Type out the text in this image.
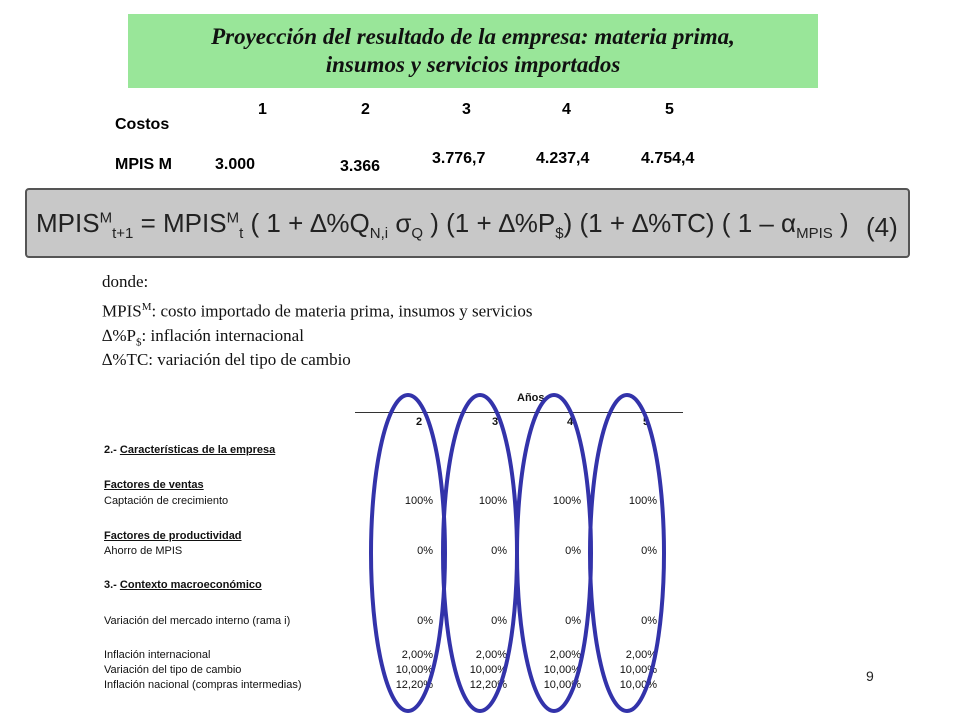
Proyección del resultado de la empresa: materia prima,
insumos y servicios importados
1	2	3	4	5
Costos
MPIS M	3.000	3.366	3.776,7	4.237,4	4.754,4
$MPIS^M_{t+1}$ = $MPIS^M_t$ ( $1 + \Delta\%Q_{N,i}$ $\sigma_Q$ ) $(1 + \Delta\%P_{\$})$ (1 + ∆%TC) ( $1 - \alpha_{MPIS}$ ) (4)
donde:
$MPIS^M$: costo importado de materia prima, insumos y servicios
$\Delta\%P_{\$}$: inflación internacional
∆%TC: variación del tipo de cambio
Años
2	3	4	5
2.- Características de la empresa
Factores de ventas
Captación de crecimiento	100%	100%	100%	100%
Factores de productividad
Ahorro de MPIS	0%	0%	0%	0%
3.- Contexto macroeconómico
Variación del mercado interno (rama i)	0%	0%	0%	0%
Inflación internacional	2,00%	2,00%	2,00%	2,00%
Variación del tipo de cambio	10,00%	10,00%	10,00%	10,00%
Inflación nacional (compras intermedias)	12,20%	12,20%	10,00%	10,00%
9
